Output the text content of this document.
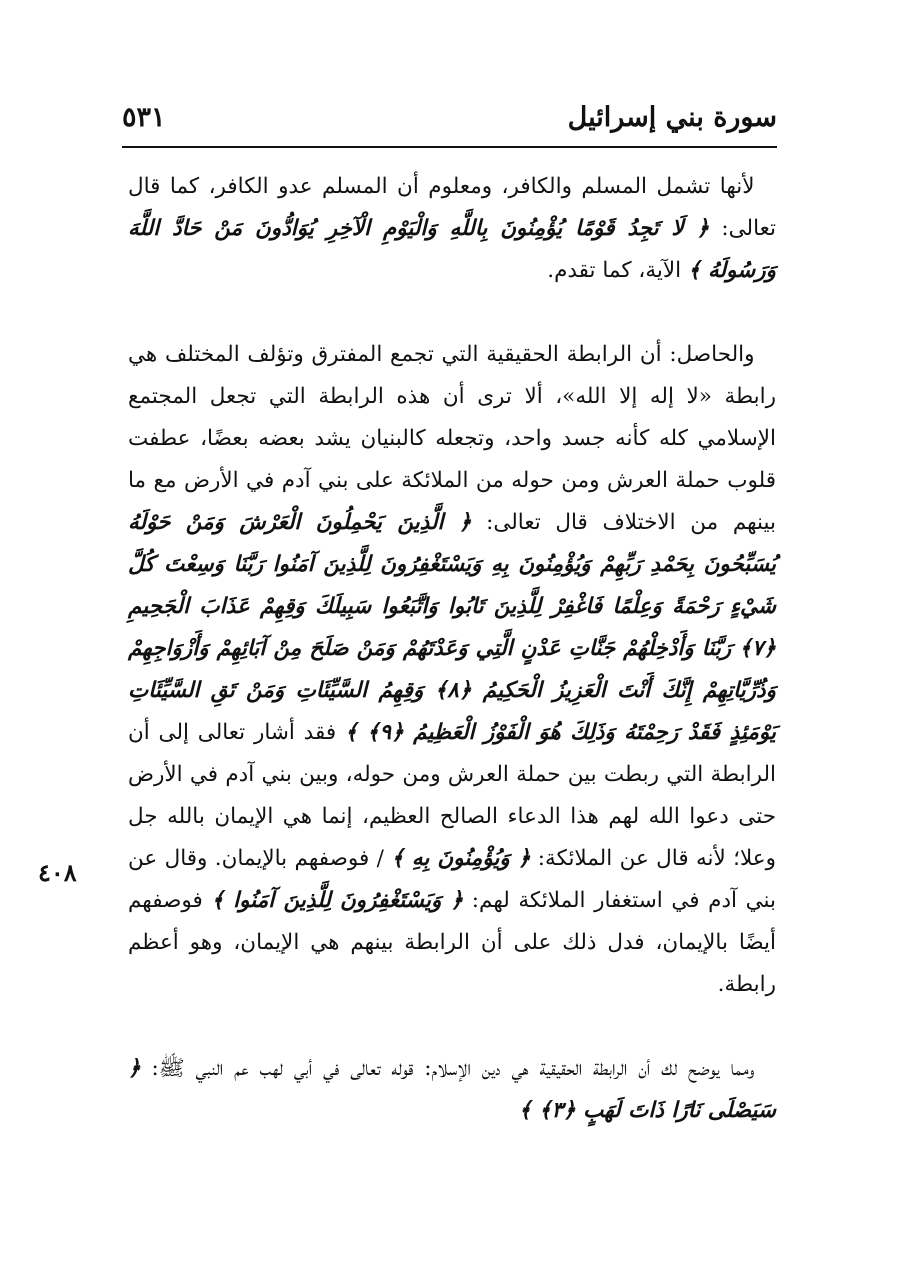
سورة بني إسرائيل
٥٣١

 لأنها تشمل المسلم والكافر، ومعلوم أن المسلم عدو الكافر، كما قال تعالى: ﴿ لَا تَجِدُ قَوْمًا يُؤْمِنُونَ بِاللَّهِ وَالْيَوْمِ الْآخِرِ يُوَادُّونَ مَنْ حَادَّ اللَّهَ وَرَسُولَهُ ﴾ الآية، كما تقدم.

 والحاصل: أن الرابطة الحقيقية التي تجمع المفترق وتؤلف المختلف هي رابطة «لا إله إلا الله»، ألا ترى أن هذه الرابطة التي تجعل المجتمع الإسلامي كله كأنه جسد واحد، وتجعله كالبنيان يشد بعضه بعضًا، عطفت قلوب حملة العرش ومن حوله من الملائكة على بني آدم في الأرض مع ما بينهم من الاختلاف قال تعالى: ﴿ الَّذِينَ يَحْمِلُونَ الْعَرْشَ وَمَنْ حَوْلَهُ يُسَبِّحُونَ بِحَمْدِ رَبِّهِمْ وَيُؤْمِنُونَ بِهِ وَيَسْتَغْفِرُونَ لِلَّذِينَ آمَنُوا رَبَّنَا وَسِعْتَ كُلَّ شَيْءٍ رَحْمَةً وَعِلْمًا فَاغْفِرْ لِلَّذِينَ تَابُوا وَاتَّبَعُوا سَبِيلَكَ وَقِهِمْ عَذَابَ الْجَحِيمِ ﴿٧﴾ رَبَّنَا وَأَدْخِلْهُمْ جَنَّاتِ عَدْنٍ الَّتِي وَعَدْتَهُمْ وَمَنْ صَلَحَ مِنْ آبَائِهِمْ وَأَزْوَاجِهِمْ وَذُرِّيَّاتِهِمْ إِنَّكَ أَنْتَ الْعَزِيزُ الْحَكِيمُ ﴿٨﴾ وَقِهِمُ السَّيِّئَاتِ وَمَنْ تَقِ السَّيِّئَاتِ يَوْمَئِذٍ فَقَدْ رَحِمْتَهُ وَذَلِكَ هُوَ الْفَوْزُ الْعَظِيمُ ﴿٩﴾ ﴾ فقد أشار تعالى إلى أن الرابطة التي ربطت بين حملة العرش ومن حوله، وبين بني آدم في الأرض حتى دعوا الله لهم هذا الدعاء الصالح العظيم، إنما هي الإيمان بالله جل وعلا؛ لأنه قال عن الملائكة: ﴿ وَيُؤْمِنُونَ بِهِ ﴾ / فوصفهم بالإيمان. وقال عن بني آدم في استغفار الملائكة لهم: ﴿ وَيَسْتَغْفِرُونَ لِلَّذِينَ آمَنُوا ﴾ فوصفهم أيضًا بالإيمان، فدل ذلك على أن الرابطة بينهم هي الإيمان، وهو أعظم رابطة.

 ومما يوضح لك أن الرابطة الحقيقية هي دين الإسلام: قوله تعالى في أبي لهب عم النبي ﷺ: ﴿ سَيَصْلَى نَارًا ذَاتَ لَهَبٍ ﴿٣﴾ ﴾

٤٠٨
